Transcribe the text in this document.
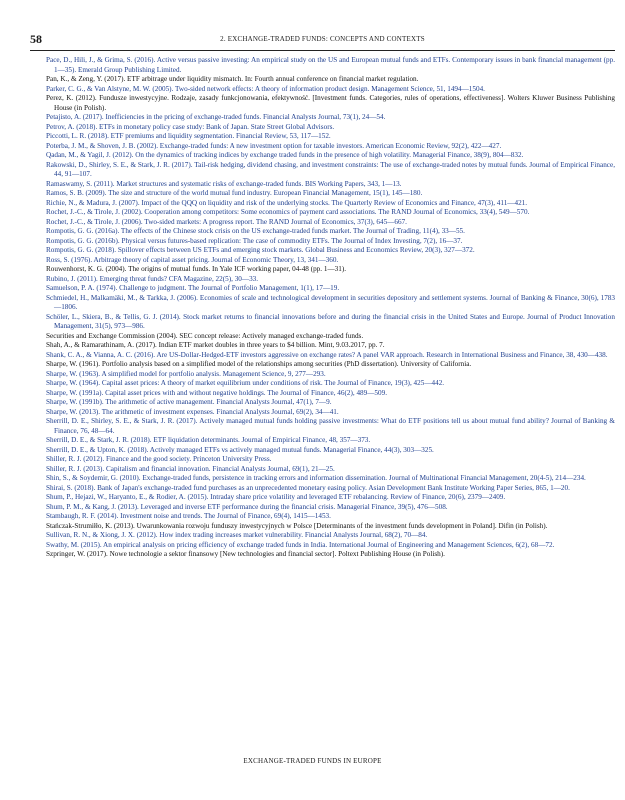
58	2. EXCHANGE-TRADED FUNDS: CONCEPTS AND CONTEXTS
Pace, D., Hili, J., & Grima, S. (2016). Active versus passive investing: An empirical study on the US and European mutual funds and ETFs. Contemporary issues in bank financial management (pp. 1—35). Emerald Group Publishing Limited.
Pan, K., & Zeng, Y. (2017). ETF arbitrage under liquidity mismatch. In: Fourth annual conference on financial market regulation.
Parker, C. G., & Van Alstyne, M. W. (2005). Two-sided network effects: A theory of information product design. Management Science, 51, 1494—1504.
Perez, K. (2012). Fundusze inwestycyjne. Rodzaje, zasady funkcjonowania, efektywność. [Investment funds. Categories, rules of operations, effectiveness]. Wolters Kluwer Business Publishing House (in Polish).
Petajisto, A. (2017). Inefficiencies in the pricing of exchange-traded funds. Financial Analysts Journal, 73(1), 24—54.
Petrov, A. (2018). ETFs in monetary policy case study: Bank of Japan. State Street Global Advisors.
Piccotti, L. R. (2018). ETF premiums and liquidity segmentation. Financial Review, 53, 117—152.
Poterba, J. M., & Shoven, J. B. (2002). Exchange-traded funds: A new investment option for taxable investors. American Economic Review, 92(2), 422—427.
Qadan, M., & Yagil, J. (2012). On the dynamics of tracking indices by exchange traded funds in the presence of high volatility. Managerial Finance, 38(9), 804—832.
Rakowski, D., Shirley, S. E., & Stark, J. R. (2017). Tail-risk hedging, dividend chasing, and investment constraints: The use of exchange-traded notes by mutual funds. Journal of Empirical Finance, 44, 91—107.
Ramaswamy, S. (2011). Market structures and systematic risks of exchange-traded funds. BIS Working Papers, 343, 1—13.
Ramos, S. B. (2009). The size and structure of the world mutual fund industry. European Financial Management, 15(1), 145—180.
Richie, N., & Madura, J. (2007). Impact of the QQQ on liquidity and risk of the underlying stocks. The Quarterly Review of Economics and Finance, 47(3), 411—421.
Rochet, J.-C., & Tirole, J. (2002). Cooperation among competitors: Some economics of payment card associations. The RAND Journal of Economics, 33(4), 549—570.
Rochet, J.-C., & Tirole, J. (2006). Two-sided markets: A progress report. The RAND Journal of Economics, 37(3), 645—667.
Rompotis, G. G. (2016a). The effects of the Chinese stock crisis on the US exchange-traded funds market. The Journal of Trading, 11(4), 33—55.
Rompotis, G. G. (2016b). Physical versus futures-based replication: The case of commodity ETFs. The Journal of Index Investing, 7(2), 16—37.
Rompotis, G. G. (2018). Spillover effects between US ETFs and emerging stock markets. Global Business and Economics Review, 20(3), 327—372.
Ross, S. (1976). Arbitrage theory of capital asset pricing. Journal of Economic Theory, 13, 341—360.
Rouwenhorst, K. G. (2004). The origins of mutual funds. In Yale ICF working paper, 04-48 (pp. 1—31).
Rubino, J. (2011). Emerging threat funds? CFA Magazine, 22(5), 30—33.
Samuelson, P. A. (1974). Challenge to judgment. The Journal of Portfolio Management, 1(1), 17—19.
Schmiedel, H., Malkamäki, M., & Tarkka, J. (2006). Economies of scale and technological development in securities depository and settlement systems. Journal of Banking & Finance, 30(6), 1783—1806.
Schöler, L., Skiera, B., & Tellis, G. J. (2014). Stock market returns to financial innovations before and during the financial crisis in the United States and Europe. Journal of Product Innovation Management, 31(5), 973—986.
Securities and Exchange Commission (2004). SEC concept release: Actively managed exchange-traded funds.
Shah, A., & Ramarathinam, A. (2017). Indian ETF market doubles in three years to $4 billion. Mint, 9.03.2017, pp. 7.
Shank, C. A., & Vianna, A. C. (2016). Are US-Dollar-Hedged-ETF investors aggressive on exchange rates? A panel VAR approach. Research in International Business and Finance, 38, 430—438.
Sharpe, W. (1961). Portfolio analysis based on a simplified model of the relationships among securities (PhD dissertation). University of California.
Sharpe, W. (1963). A simplified model for portfolio analysis. Management Science, 9, 277—293.
Sharpe, W. (1964). Capital asset prices: A theory of market equilibrium under conditions of risk. The Journal of Finance, 19(3), 425—442.
Sharpe, W. (1991a). Capital asset prices with and without negative holdings. The Journal of Finance, 46(2), 489—509.
Sharpe, W. (1991b). The arithmetic of active management. Financial Analysts Journal, 47(1), 7—9.
Sharpe, W. (2013). The arithmetic of investment expenses. Financial Analysts Journal, 69(2), 34—41.
Sherrill, D. E., Shirley, S. E., & Stark, J. R. (2017). Actively managed mutual funds holding passive investments: What do ETF positions tell us about mutual fund ability? Journal of Banking & Finance, 76, 48—64.
Sherrill, D. E., & Stark, J. R. (2018). ETF liquidation determinants. Journal of Empirical Finance, 48, 357—373.
Sherrill, D. E., & Upton, K. (2018). Actively managed ETFs vs actively managed mutual funds. Managerial Finance, 44(3), 303—325.
Shiller, R. J. (2012). Finance and the good society. Princeton University Press.
Shiller, R. J. (2013). Capitalism and financial innovation. Financial Analysts Journal, 69(1), 21—25.
Shin, S., & Soydemir, G. (2010). Exchange-traded funds, persistence in tracking errors and information dissemination. Journal of Multinational Financial Management, 20(4-5), 214—234.
Shirai, S. (2018). Bank of Japan's exchange-traded fund purchases as an unprecedented monetary easing policy. Asian Development Bank Institute Working Paper Series, 865, 1—20.
Shum, P., Hejazi, W., Haryanto, E., & Rodier, A. (2015). Intraday share price volatility and leveraged ETF rebalancing. Review of Finance, 20(6), 2379—2409.
Shum, P. M., & Kang, J. (2013). Leveraged and inverse ETF performance during the financial crisis. Managerial Finance, 39(5), 476—508.
Stambaugh, R. F. (2014). Investment noise and trends. The Journal of Finance, 69(4), 1415—1453.
Stańczak-Strumiłło, K. (2013). Uwarunkowania rozwoju funduszy inwestycyjnych w Polsce [Determinants of the investment funds development in Poland]. Difin (in Polish).
Sullivan, R. N., & Xiong, J. X. (2012). How index trading increases market vulnerability. Financial Analysts Journal, 68(2), 70—84.
Swathy, M. (2015). An empirical analysis on pricing efficiency of exchange traded funds in India. International Journal of Engineering and Management Sciences, 6(2), 68—72.
Szpringer, W. (2017). Nowe technologie a sektor finansowy [New technologies and financial sector]. Poltext Publishing House (in Polish).
EXCHANGE-TRADED FUNDS IN EUROPE
